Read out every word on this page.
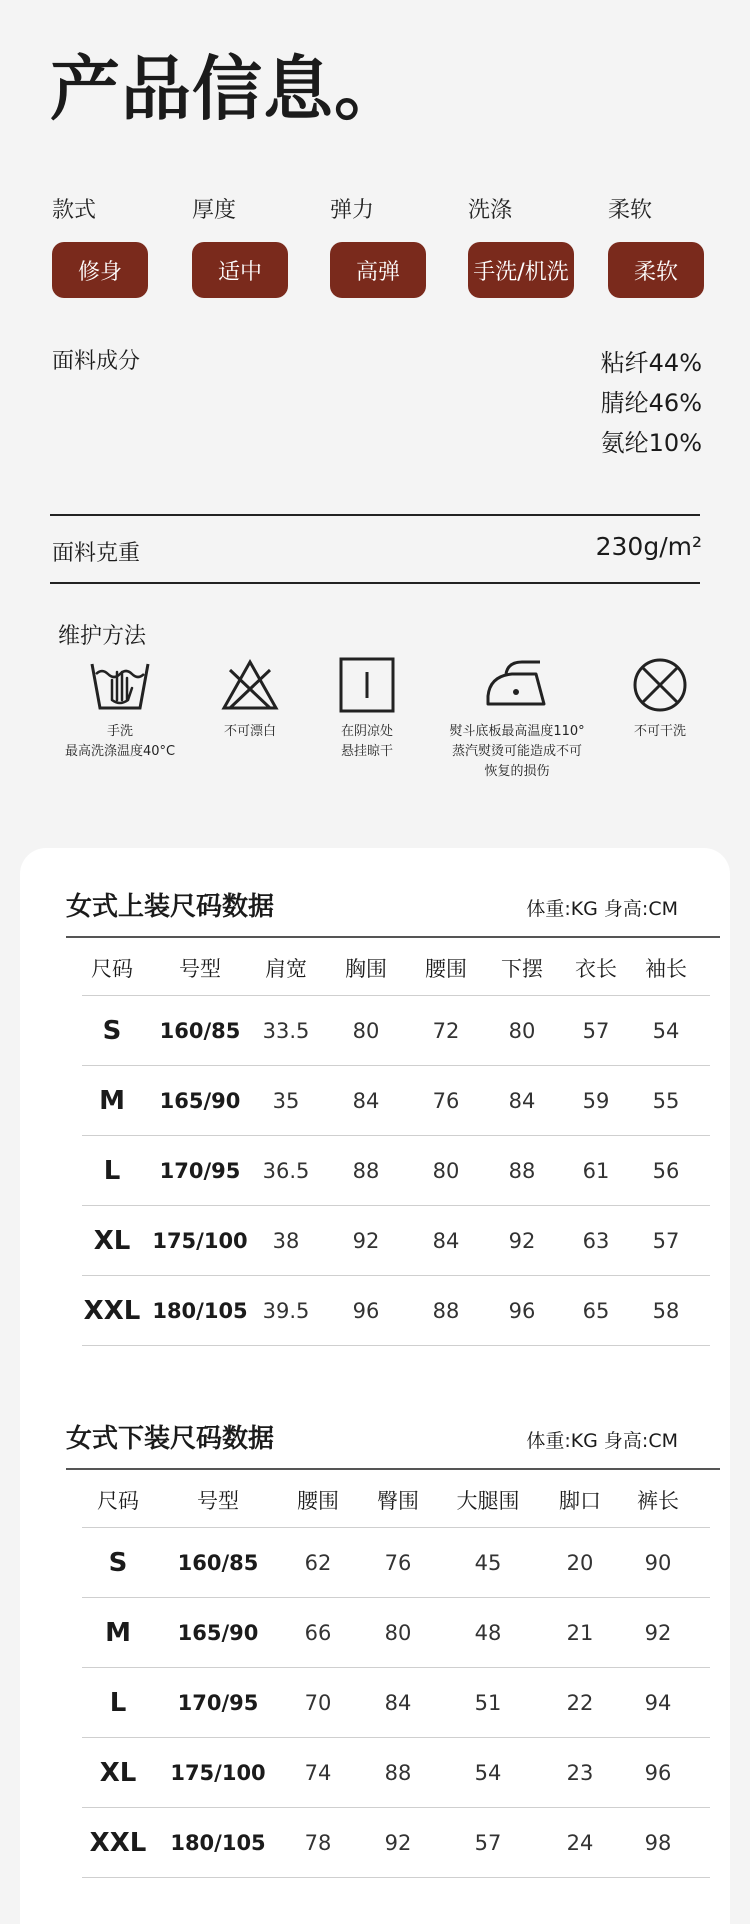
产品信息。
款式
修身
厚度
适中
弹力
高弹
洗涤
手洗/机洗
柔软
柔软
面料成分	粘纤44%
腈纶46%
氨纶10%
面料克重	230g/m²
维护方法
手洗
最高洗涤温度40°C
不可漂白	在阴凉处
悬挂晾干
熨斗底板最高温度110°
蒸汽熨烫可能造成不可
恢复的损伤
不可干洗
女式上装尺码数据	体重:KG 身高:CM
尺码	号型	肩宽	胸围	腰围	下摆	衣长	袖长
S	160/85	33.5	80	72	80	57	54
M	165/90	35	84	76	84	59	55
L	170/95	36.5	88	80	88	61	56
XL	175/100	38	92	84	92	63	57
XXL 180/105 39.5	96	88	96	65	58
女式下装尺码数据	体重:KG 身高:CM
尺码	号型	腰围	臀围	大腿围	脚口	裤长
S	160/85	62	76	45	20	90
M	165/90	66	80	48	21	92
L	170/95	70	84	51	22	94
XL	175/100	74	88	54	23	96
XXL 180/105	78	92	57	24	98
